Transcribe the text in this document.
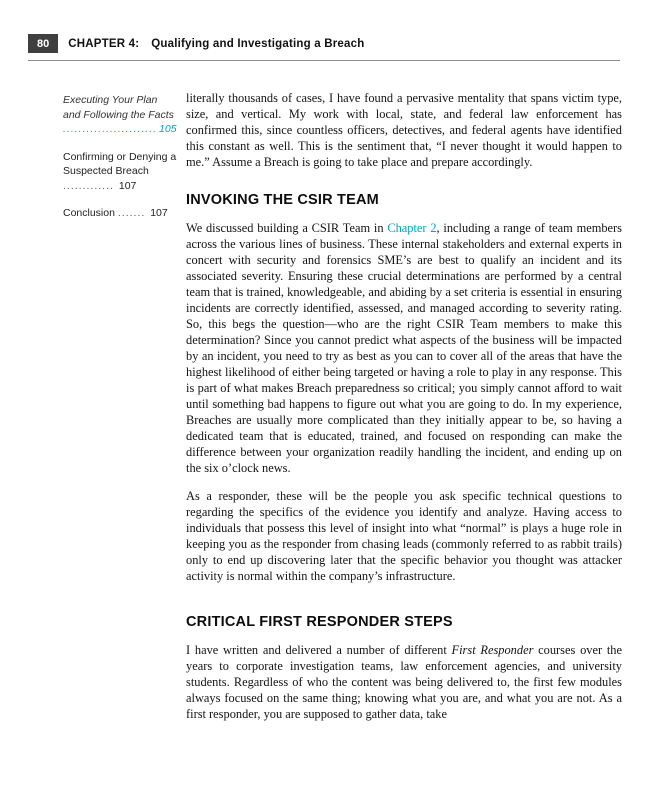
80	CHAPTER 4: Qualifying and Investigating a Breach
Executing Your Plan and Following the Facts ........................ 105
Confirming or Denying a Suspected Breach ............. 107
Conclusion ....... 107

literally thousands of cases, I have found a pervasive mentality that spans victim type, size, and vertical. My work with local, state, and federal law enforcement has confirmed this, since countless officers, detectives, and federal agents have identified this constant as well. This is the sentiment that, “I never thought it would happen to me.” Assume a Breach is going to take place and prepare accordingly.

INVOKING THE CSIR TEAM

We discussed building a CSIR Team in Chapter 2, including a range of team members across the various lines of business. These internal stakeholders and external experts in concert with security and forensics SME’s are best to qualify an incident and its associated severity. Ensuring these crucial determinations are performed by a central team that is trained, knowledgeable, and abiding by a set criteria is essential in ensuring incidents are correctly identified, assessed, and managed according to severity rating. So, this begs the question—who are the right CSIR Team members to make this determination? Since you cannot predict what aspects of the business will be impacted by an incident, you need to try as best as you can to cover all of the areas that have the highest likelihood of either being targeted or having a role to play in any response. This is part of what makes Breach preparedness so critical; you simply cannot afford to wait until something bad happens to figure out what you are going to do. In my experience, Breaches are usually more complicated than they initially appear to be, so having a dedicated team that is educated, trained, and focused on responding can make the difference between your organization readily handling the incident, and ending up on the six o’clock news.

As a responder, these will be the people you ask specific technical questions to regarding the specifics of the evidence you identify and analyze. Having access to individuals that possess this level of insight into what “normal” is plays a huge role in keeping you as the responder from chasing leads (commonly referred to as rabbit trails) only to end up discovering later that the specific behavior you thought was attacker activity is normal within the company’s infrastructure.

CRITICAL FIRST RESPONDER STEPS

I have written and delivered a number of different First Responder courses over the years to corporate investigation teams, law enforcement agencies, and university students. Regardless of who the content was being delivered to, the first few modules always focused on the same thing; knowing what you are, and what you are not. As a first responder, you are supposed to gather data, take
